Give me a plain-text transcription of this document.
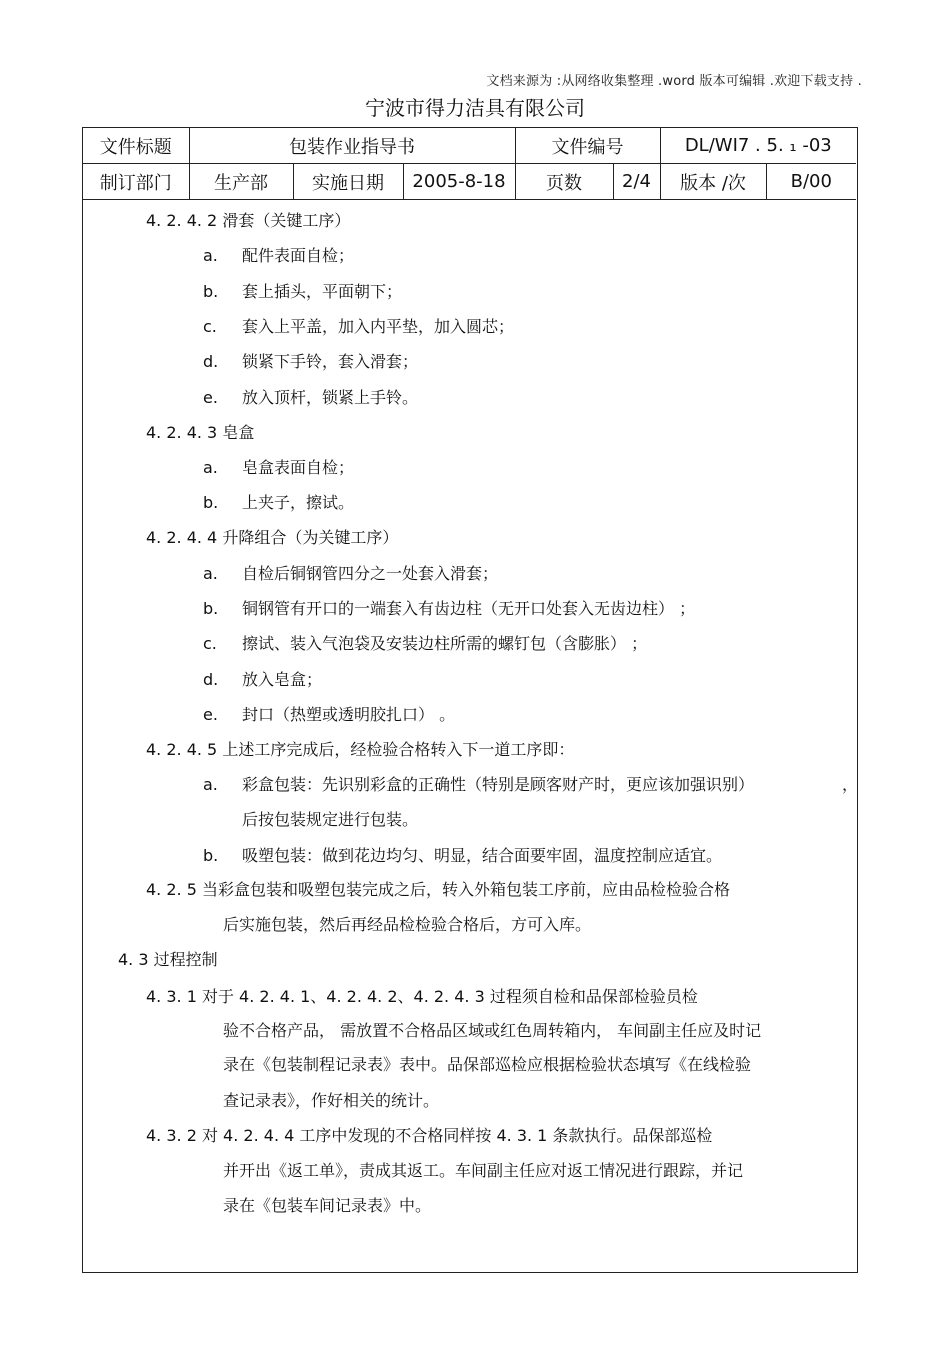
文档来源为 :从网络收集整理 .word 版本可编辑 .欢迎下载支持 .
宁波市得力洁具有限公司
文件标题	包装作业指导书			文件编号		DL/WI7 . 5. ₁ -03	
制订部门	生产部	实施日期	2005-8-18	页数	2/4	版本 /次	B/00
4. 2. 4. 2 滑套（关键工序）
a. 配件表面自检；
b. 套上插头，平面朝下；
c. 套入上平盖，加入内平垫，加入圆芯；
d. 锁紧下手铃，套入滑套；
e. 放入顶杆，锁紧上手铃。
4. 2. 4. 3 皂盒
a. 皂盒表面自检；
b. 上夹子，擦试。
4. 2. 4. 4 升降组合（为关键工序）
a. 自检后铜钢管四分之一处套入滑套；
b. 铜钢管有开口的一端套入有齿边柱（无开口处套入无齿边柱） ；
c. 擦试、装入气泡袋及安装边柱所需的螺钉包（含膨胀） ；
d. 放入皂盒；
e. 封口（热塑或透明胶扎口） 。
4. 2. 4. 5 上述工序完成后，经检验合格转入下一道工序即：
a. 彩盒包装：先识别彩盒的正确性（特别是顾客财产时，更应该加强识别）	，
后按包装规定进行包装。
b. 吸塑包装：做到花边均匀、明显，结合面要牢固，温度控制应适宜。
4. 2. 5 当彩盒包装和吸塑包装完成之后，转入外箱包装工序前，应由品检检验合格
后实施包装，然后再经品检检验合格后，方可入库。
4. 3 过程控制
4. 3. 1 对于 4. 2. 4. 1、4. 2. 4. 2、4. 2. 4. 3 过程须自检和品保部检验员检
验不合格产品， 需放置不合格品区域或红色周转箱内， 车间副主任应及时记
录在《包装制程记录表》表中。品保部巡检应根据检验状态填写《在线检验
查记录表》，作好相关的统计。
4. 3. 2 对 4. 2. 4. 4 工序中发现的不合格同样按 4. 3. 1 条款执行。品保部巡检
并开出《返工单》，责成其返工。车间副主任应对返工情况进行跟踪，并记
录在《包装车间记录表》中。
